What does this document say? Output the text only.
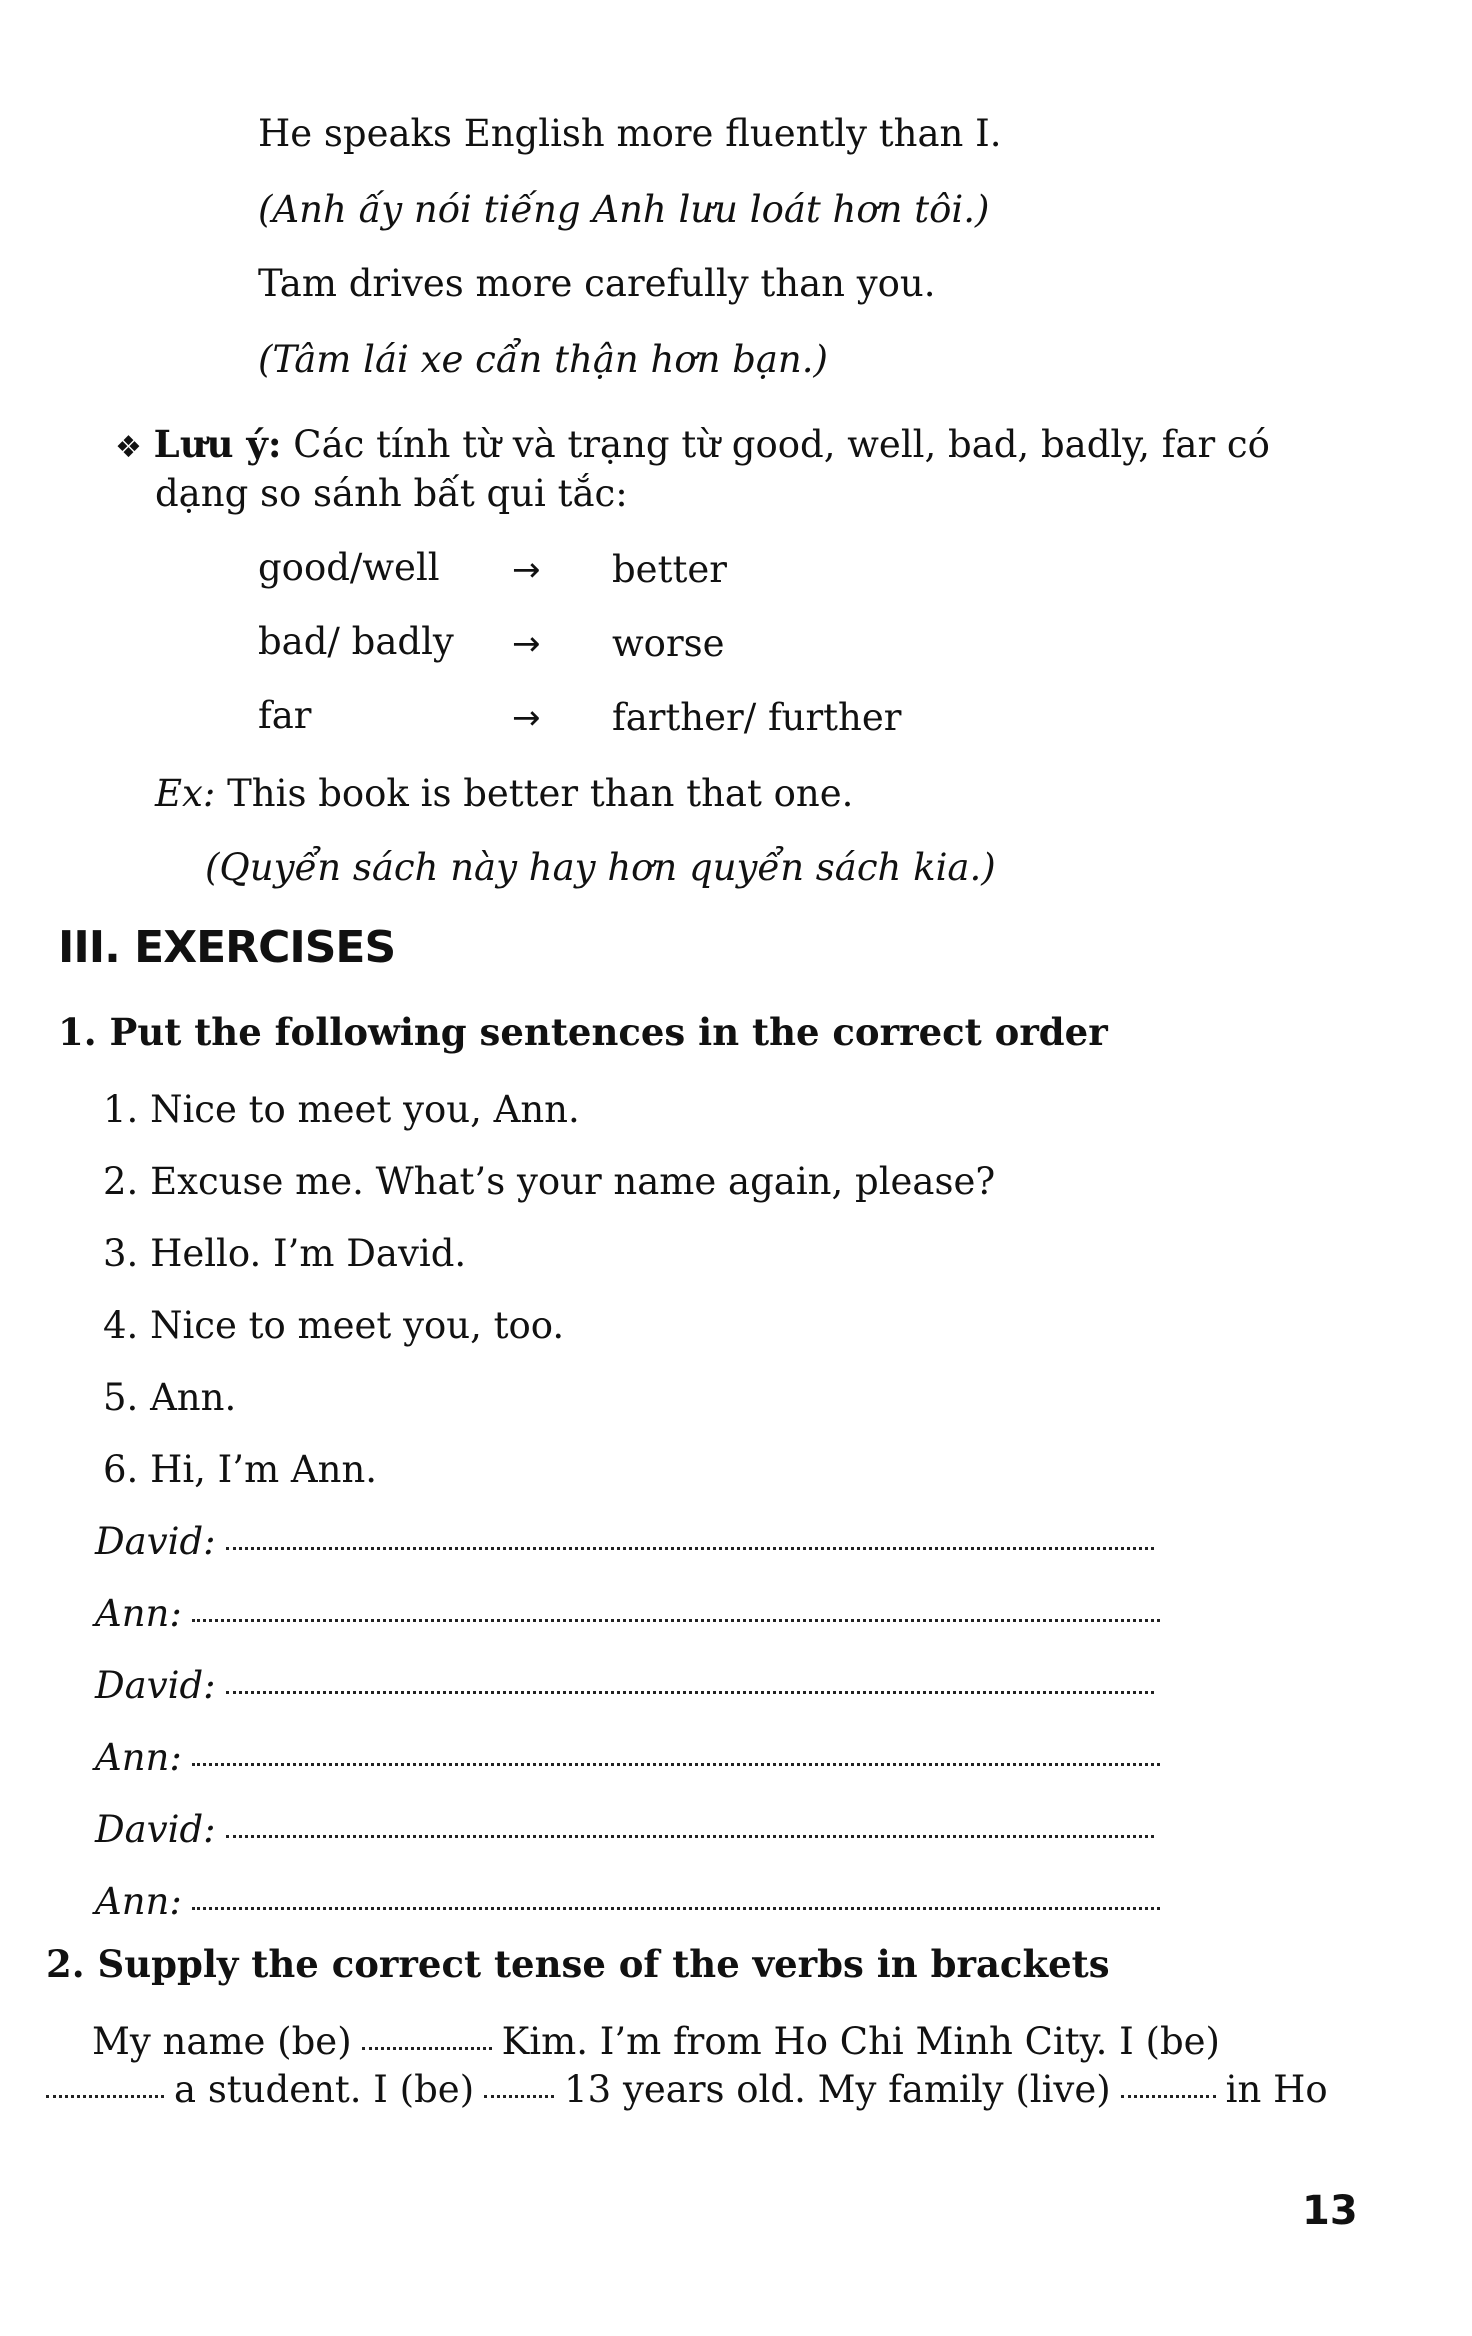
He speaks English more fluently than I.
(Anh ấy nói tiếng Anh lưu loát hơn tôi.)
Tam drives more carefully than you.
(Tâm lái xe cẩn thận hơn bạn.)
❖ Lưu ý: Các tính từ và trạng từ good, well, bad, badly, far có
dạng so sánh bất qui tắc:
good/well → better
bad/ badly → worse
far	→ farther/ further
Ex: This book is better than that one.
(Quyển sách này hay hơn quyển sách kia.)
III. EXERCISES
1. Put the following sentences in the correct order
1. Nice to meet you, Ann.
2. Excuse me. What’s your name again, please?
3. Hello. I’m David.
4. Nice to meet you, too.
5. Ann.
6. Hi, I’m Ann.
David:
Ann:
David:
Ann:
David:
Ann:
2. Supply the correct tense of the verbs in brackets
My name (be)	Kim. I’m from Ho Chi Minh City. I (be)
a student. I (be) 13 years old. My family (live)	in Ho
13
